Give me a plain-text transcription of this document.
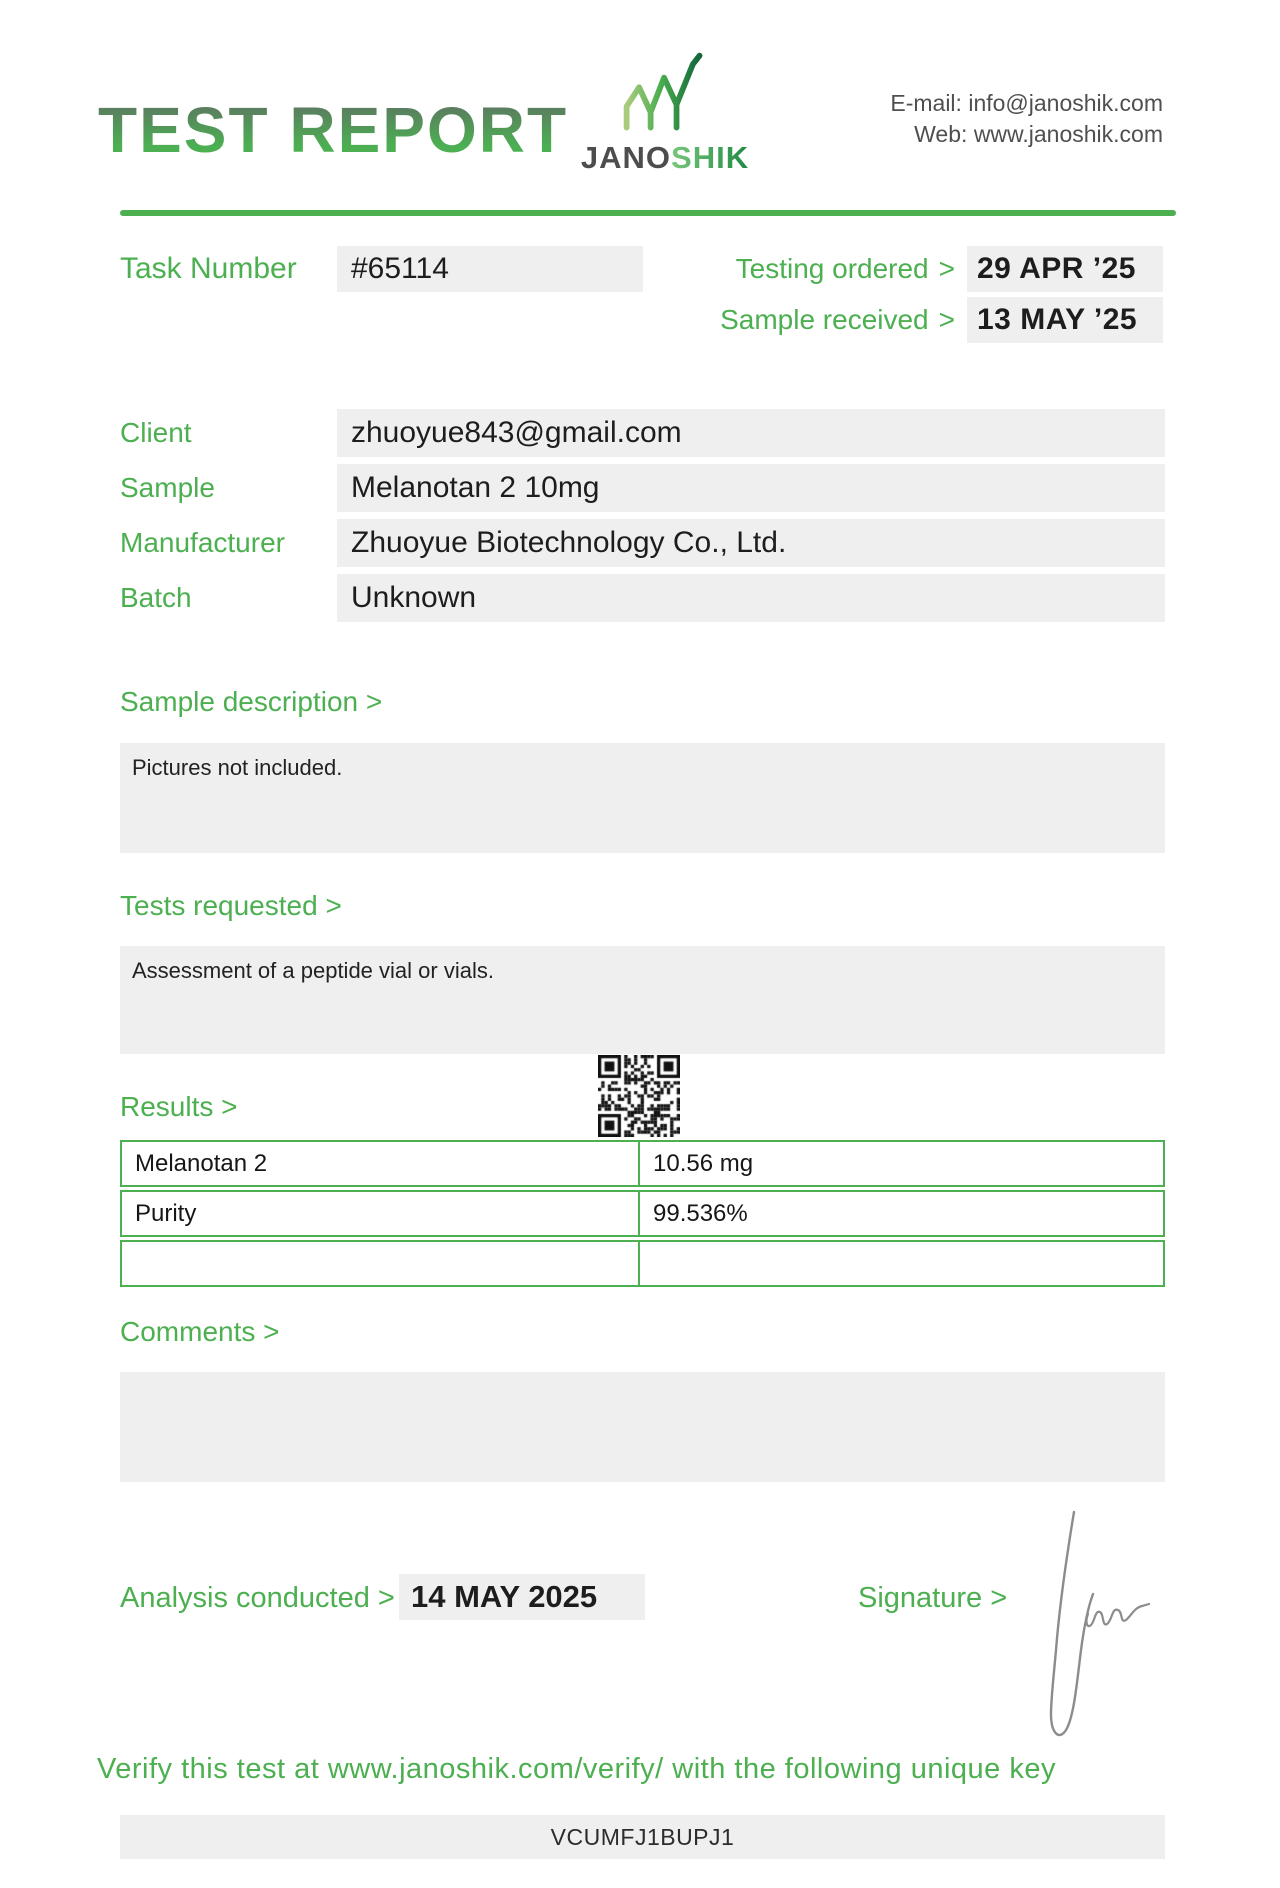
TEST REPORT JANOSHIK
E-mail: info@janoshik.com
Web: www.janoshik.com
Task Number	#65114	Testing ordered > 29 APR ’25
Sample received > 13 MAY ’25
Client	zhuoyue843@gmail.com
Sample	Melanotan 2 10mg
Manufacturer	Zhuoyue Biotechnology Co., Ltd.
Batch	Unknown
Sample description >
Pictures not included.
Tests requested >
Assessment of a peptide vial or vials.
Results >
Melanotan 2	10.56 mg
Purity	99.536%
Comments >
Analysis conducted > 14 MAY 2025	Signature >
Verify this test at www.janoshik.com/verify/ with the following unique key
VCUMFJ1BUPJ1
